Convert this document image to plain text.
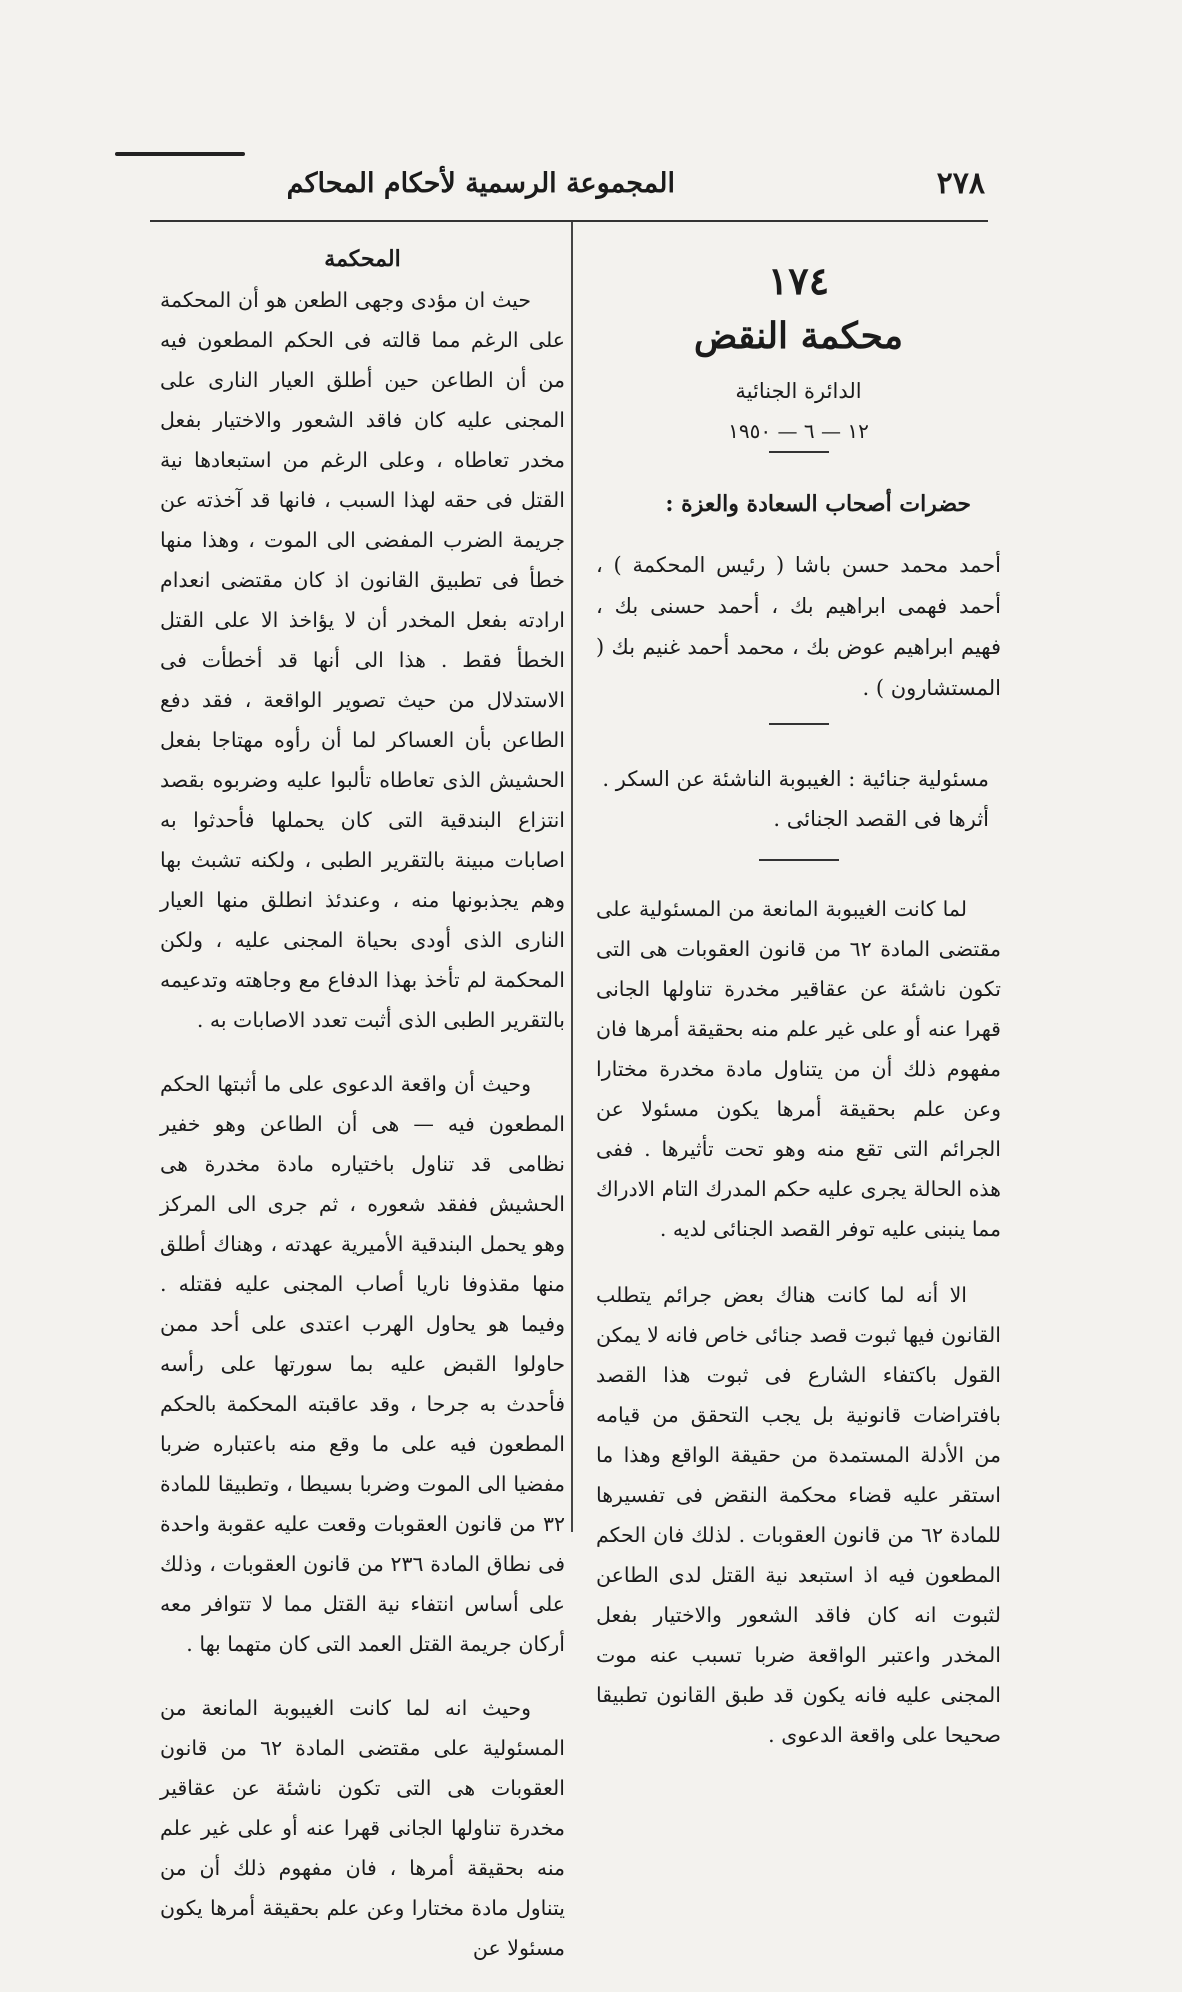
٢٧٨
المجموعة الرسمية لأحكام المحاكم
١٧٤
محكمة النقض
الدائرة الجنائية
١٢ — ٦ — ١٩٥٠
حضرات أصحاب السعادة والعزة :
أحمد محمد حسن باشا ( رئيس المحكمة ) ، أحمد فهمى ابراهيم بك ، أحمد حسنى بك ، فهيم ابراهيم عوض بك ، محمد أحمد غنيم بك ( المستشارون ) .
مسئولية جنائية : الغيبوبة الناشئة عن السكر . أثرها فى القصد الجنائى .

لما كانت الغيبوبة المانعة من المسئولية على مقتضى المادة ٦٢ من قانون العقوبات هى التى تكون ناشئة عن عقاقير مخدرة تناولها الجانى قهرا عنه أو على غير علم منه بحقيقة أمرها فان مفهوم ذلك أن من يتناول مادة مخدرة مختارا وعن علم بحقيقة أمرها يكون مسئولا عن الجرائم التى تقع منه وهو تحت تأثيرها . ففى هذه الحالة يجرى عليه حكم المدرك التام الادراك مما ينبنى عليه توفر القصد الجنائى لديه .

الا أنه لما كانت هناك بعض جرائم يتطلب القانون فيها ثبوت قصد جنائى خاص فانه لا يمكن القول باكتفاء الشارع فى ثبوت هذا القصد بافتراضات قانونية بل يجب التحقق من قيامه من الأدلة المستمدة من حقيقة الواقع وهذا ما استقر عليه قضاء محكمة النقض فى تفسيرها للمادة ٦٢ من قانون العقوبات . لذلك فان الحكم المطعون فيه اذ استبعد نية القتل لدى الطاعن لثبوت انه كان فاقد الشعور والاختيار بفعل المخدر واعتبر الواقعة ضربا تسبب عنه موت المجنى عليه فانه يكون قد طبق القانون تطبيقا صحيحا على واقعة الدعوى .

المحكمة

حيث ان مؤدى وجهى الطعن هو أن المحكمة على الرغم مما قالته فى الحكم المطعون فيه من أن الطاعن حين أطلق العيار النارى على المجنى عليه كان فاقد الشعور والاختيار بفعل مخدر تعاطاه ، وعلى الرغم من استبعادها نية القتل فى حقه لهذا السبب ، فانها قد آخذته عن جريمة الضرب المفضى الى الموت ، وهذا منها خطأ فى تطبيق القانون اذ كان مقتضى انعدام ارادته بفعل المخدر أن لا يؤاخذ الا على القتل الخطأ فقط . هذا الى أنها قد أخطأت فى الاستدلال من حيث تصوير الواقعة ، فقد دفع الطاعن بأن العساكر لما أن رأوه مهتاجا بفعل الحشيش الذى تعاطاه تألبوا عليه وضربوه بقصد انتزاع البندقية التى كان يحملها فأحدثوا به اصابات مبينة بالتقرير الطبى ، ولكنه تشبث بها وهم يجذبونها منه ، وعندئذ انطلق منها العيار النارى الذى أودى بحياة المجنى عليه ، ولكن المحكمة لم تأخذ بهذا الدفاع مع وجاهته وتدعيمه بالتقرير الطبى الذى أثبت تعدد الاصابات به .

وحيث أن واقعة الدعوى على ما أثبتها الحكم المطعون فيه — هى أن الطاعن وهو خفير نظامى قد تناول باختياره مادة مخدرة هى الحشيش ففقد شعوره ، ثم جرى الى المركز وهو يحمل البندقية الأميرية عهدته ، وهناك أطلق منها مقذوفا ناريا أصاب المجنى عليه فقتله . وفيما هو يحاول الهرب اعتدى على أحد ممن حاولوا القبض عليه بما سورتها على رأسه فأحدث به جرحا ، وقد عاقبته المحكمة بالحكم المطعون فيه على ما وقع منه باعتباره ضربا مفضيا الى الموت وضربا بسيطا ، وتطبيقا للمادة ٣٢ من قانون العقوبات وقعت عليه عقوبة واحدة فى نطاق المادة ٢٣٦ من قانون العقوبات ، وذلك على أساس انتفاء نية القتل مما لا تتوافر معه أركان جريمة القتل العمد التى كان متهما بها .

وحيث انه لما كانت الغيبوبة المانعة من المسئولية على مقتضى المادة ٦٢ من قانون العقوبات هى التى تكون ناشئة عن عقاقير مخدرة تناولها الجانى قهرا عنه أو على غير علم منه بحقيقة أمرها ، فان مفهوم ذلك أن من يتناول مادة مختارا وعن علم بحقيقة أمرها يكون مسئولا عن
